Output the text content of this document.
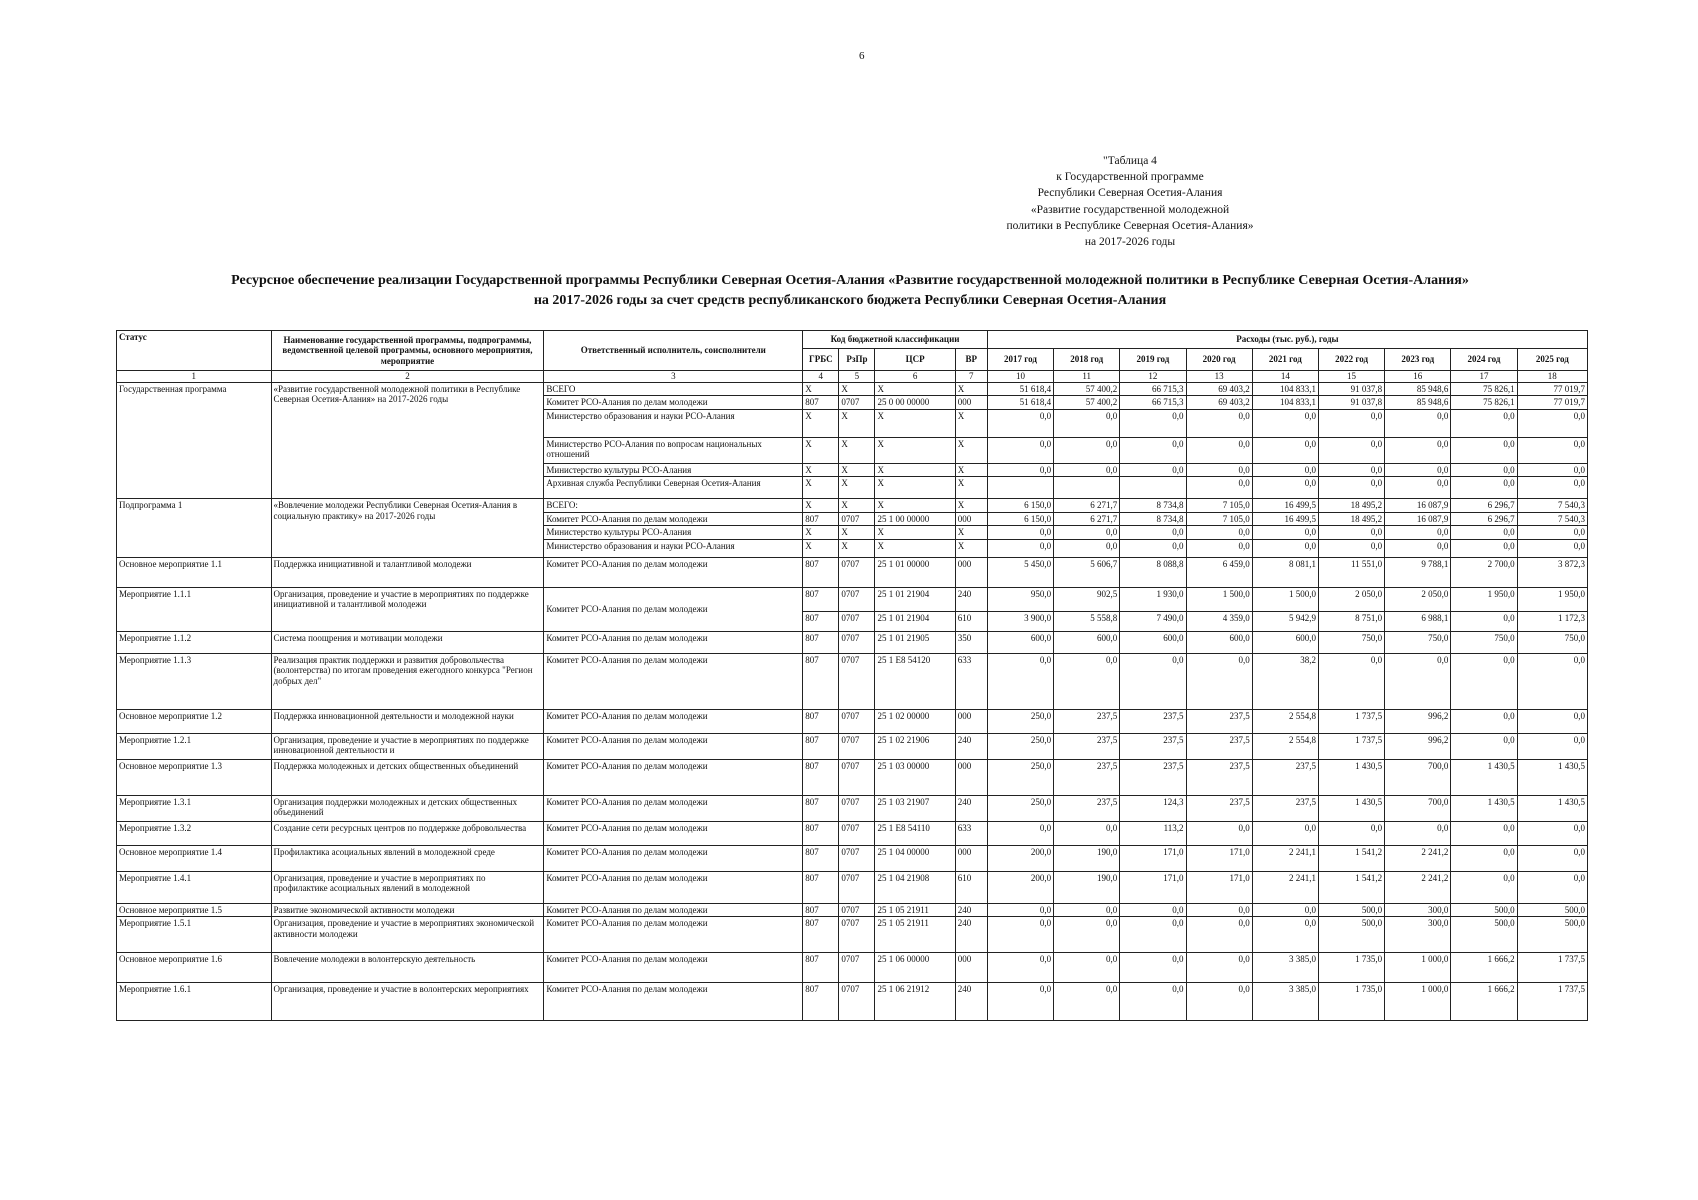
6
"Таблица 4
к Государственной программе
Республики Северная Осетия-Алания
«Развитие государственной молодежной
политики в Республике Северная Осетия-Алания»
на 2017-2026 годы
Ресурсное обеспечение реализации Государственной программы Республики Северная Осетия-Алания «Развитие государственной молодежной политики в Республике Северная Осетия-Алания»
на 2017-2026 годы за счет средств республиканского бюджета Республики Северная Осетия-Алания
Статус	Наименование государственной программы, подпрограммы, ведомственной целевой программы, основного мероприятия, мероприятие	Ответственный исполнитель, соисполнители	Код бюджетной классификации				Расходы (тыс. руб.), годы								
			ГРБС	РзПр	ЦСР	ВР	2017 год	2018 год	2019 год	2020 год	2021 год	2022 год	2023 год	2024 год	2025 год
1	2	3	4	5	6	7	10	11	12	13	14	15	16	17	18
Государственная программа	«Развитие государственной молодежной политики в Республике Северная Осетия-Алания» на 2017-2026 годы	ВСЕГО	X	X	X	X	51 618,4	57 400,2	66 715,3	69 403,2	104 833,1	91 037,8	85 948,6	75 826,1	77 019,7
		Комитет РСО-Алания по делам молодежи	807	0707	25 0 00 00000	000	51 618,4	57 400,2	66 715,3	69 403,2	104 833,1	91 037,8	85 948,6	75 826,1	77 019,7
		Министерство образования и науки РСО-Алания	X	X	X	X	0,0	0,0	0,0	0,0	0,0	0,0	0,0	0,0	0,0
		Министерство РСО-Алания по вопросам национальных отношений	X	X	X	X	0,0	0,0	0,0	0,0	0,0	0,0	0,0	0,0	0,0
		Министерство культуры РСО-Алания	X	X	X	X	0,0	0,0	0,0	0,0	0,0	0,0	0,0	0,0	0,0
		Архивная служба Республики Северная Осетия-Алания	X	X	X	X				0,0	0,0	0,0	0,0	0,0	0,0
Подпрограмма 1	«Вовлечение молодежи Республики Северная Осетия-Алания в социальную практику» на 2017-2026 годы	ВСЕГО:	X	X	X	X	6 150,0	6 271,7	8 734,8	7 105,0	16 499,5	18 495,2	16 087,9	6 296,7	7 540,3
		Комитет РСО-Алания по делам молодежи	807	0707	25 1 00 00000	000	6 150,0	6 271,7	8 734,8	7 105,0	16 499,5	18 495,2	16 087,9	6 296,7	7 540,3
		Министерство культуры РСО-Алания	X	X	X	X	0,0	0,0	0,0	0,0	0,0	0,0	0,0	0,0	0,0
		Министерство образования и науки РСО-Алания	X	X	X	X	0,0	0,0	0,0	0,0	0,0	0,0	0,0	0,0	0,0
Основное мероприятие 1.1	Поддержка инициативной и талантливой молодежи	Комитет РСО-Алания по делам молодежи	807	0707	25 1 01 00000	000	5 450,0	5 606,7	8 088,8	6 459,0	8 081,1	11 551,0	9 788,1	2 700,0	3 872,3
Мероприятие 1.1.1	Организация, проведение и участие в мероприятиях по поддержке инициативной и талантливой молодежи	Комитет РСО-Алания по делам молодежи	807	0707	25 1 01 21904	240	950,0	902,5	1 930,0	1 500,0	1 500,0	2 050,0	2 050,0	1 950,0	1 950,0
			807	0707	25 1 01 21904	610	3 900,0	5 558,8	7 490,0	4 359,0	5 942,9	8 751,0	6 988,1	0,0	1 172,3
Мероприятие 1.1.2	Система поощрения и мотивации молодежи	Комитет РСО-Алания по делам молодежи	807	0707	25 1 01 21905	350	600,0	600,0	600,0	600,0	600,0	750,0	750,0	750,0	750,0
Мероприятие 1.1.3	Реализация практик поддержки и развития добровольчества (волонтерства) по итогам проведения ежегодного конкурса "Регион добрых дел"	Комитет РСО-Алания по делам молодежи	807	0707	25 1 E8 54120	633	0,0	0,0	0,0	0,0	38,2	0,0	0,0	0,0	0,0
Основное мероприятие 1.2	Поддержка инновационной деятельности и молодежной науки	Комитет РСО-Алания по делам молодежи	807	0707	25 1 02 00000	000	250,0	237,5	237,5	237,5	2 554,8	1 737,5	996,2	0,0	0,0
Мероприятие 1.2.1	Организация, проведение и участие в мероприятиях по поддержке инновационной деятельности и	Комитет РСО-Алания по делам молодежи	807	0707	25 1 02 21906	240	250,0	237,5	237,5	237,5	2 554,8	1 737,5	996,2	0,0	0,0
Основное мероприятие 1.3	Поддержка молодежных и детских общественных объединений	Комитет РСО-Алания по делам молодежи	807	0707	25 1 03 00000	000	250,0	237,5	237,5	237,5	237,5	1 430,5	700,0	1 430,5	1 430,5
Мероприятие 1.3.1	Организация поддержки молодежных и детских общественных объединений	Комитет РСО-Алания по делам молодежи	807	0707	25 1 03 21907	240	250,0	237,5	124,3	237,5	237,5	1 430,5	700,0	1 430,5	1 430,5
Мероприятие 1.3.2	Создание сети ресурсных центров по поддержке добровольчества	Комитет РСО-Алания по делам молодежи	807	0707	25 1 E8 54110	633	0,0	0,0	113,2	0,0	0,0	0,0	0,0	0,0	0,0
Основное мероприятие 1.4	Профилактика асоциальных явлений в молодежной среде	Комитет РСО-Алания по делам молодежи	807	0707	25 1 04 00000	000	200,0	190,0	171,0	171,0	2 241,1	1 541,2	2 241,2	0,0	0,0
Мероприятие 1.4.1	Организация, проведение и участие в мероприятиях по профилактике асоциальных явлений в молодежной	Комитет РСО-Алания по делам молодежи	807	0707	25 1 04 21908	610	200,0	190,0	171,0	171,0	2 241,1	1 541,2	2 241,2	0,0	0,0
Основное мероприятие 1.5	Развитие экономической активности молодежи	Комитет РСО-Алания по делам молодежи	807	0707	25 1 05 21911	240	0,0	0,0	0,0	0,0	0,0	500,0	300,0	500,0	500,0
Мероприятие 1.5.1	Организация, проведение и участие в мероприятиях экономической активности молодежи	Комитет РСО-Алания по делам молодежи	807	0707	25 1 05 21911	240	0,0	0,0	0,0	0,0	0,0	500,0	300,0	500,0	500,0
Основное мероприятие 1.6	Вовлечение молодежи в волонтерскую деятельность	Комитет РСО-Алания по делам молодежи	807	0707	25 1 06 00000	000	0,0	0,0	0,0	0,0	3 385,0	1 735,0	1 000,0	1 666,2	1 737,5
Мероприятие 1.6.1	Организация, проведение и участие в волонтерских мероприятиях	Комитет РСО-Алания по делам молодежи	807	0707	25 1 06 21912	240	0,0	0,0	0,0	0,0	3 385,0	1 735,0	1 000,0	1 666,2	1 737,5
